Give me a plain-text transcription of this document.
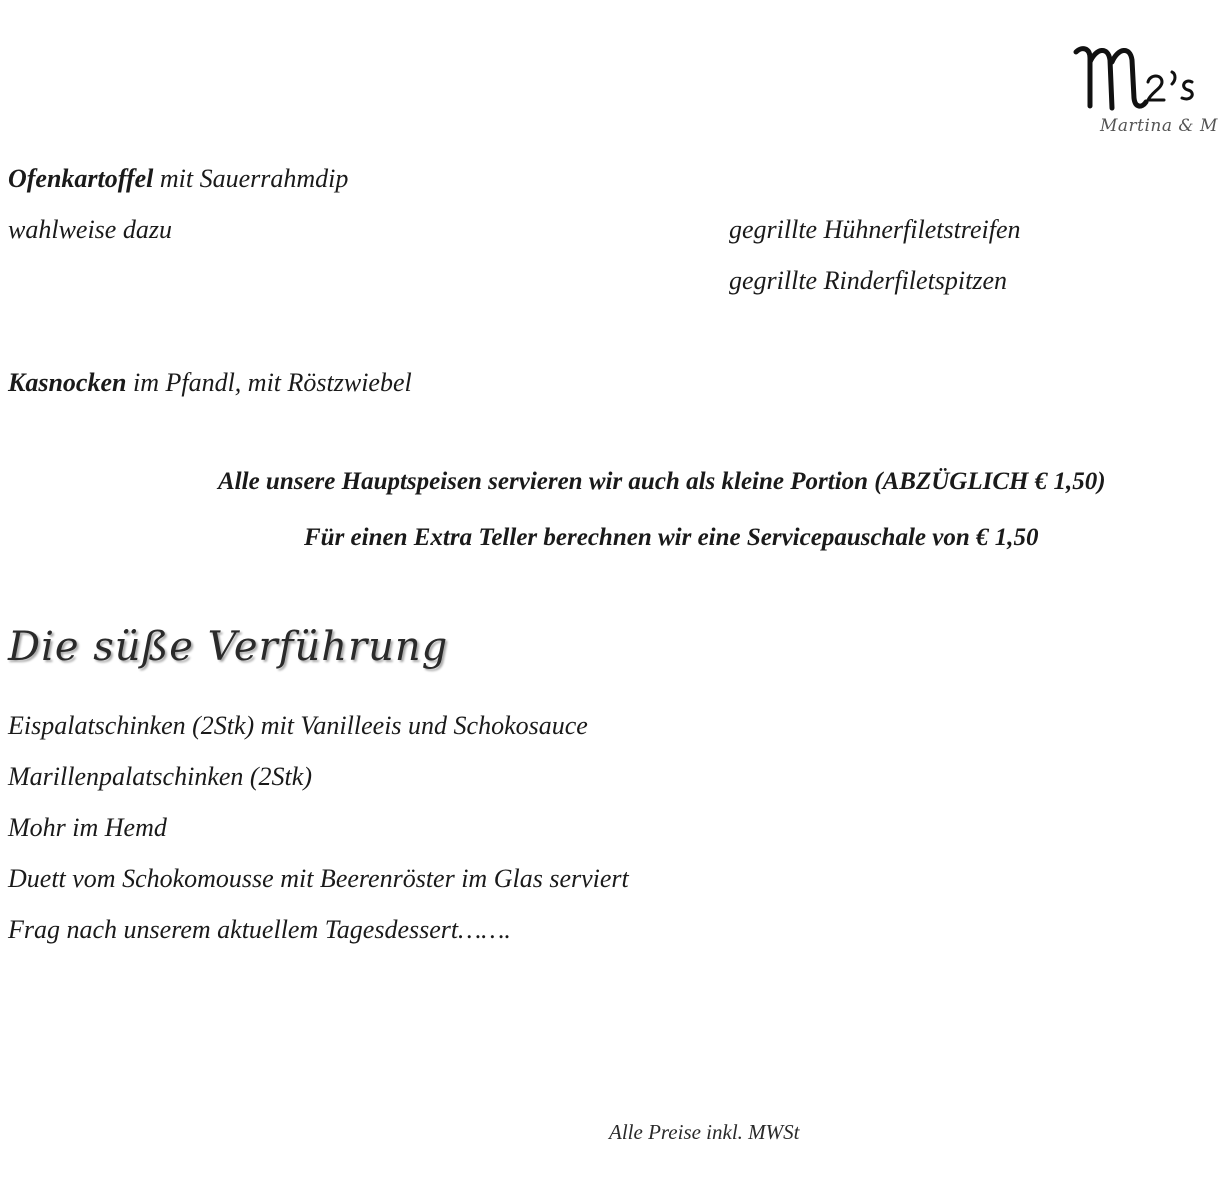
Martina & M
Ofenkartoffel mit Sauerrahmdip
wahlweise dazu	gegrillte Hühnerfiletstreifen
gegrillte Rinderfiletspitzen
Kasnocken im Pfandl, mit Röstzwiebel
Alle unsere Hauptspeisen servieren wir auch als kleine Portion (ABZÜGLICH € 1,50)
Für einen Extra Teller berechnen wir eine Servicepauschale von € 1,50
Die süße Verführung
Eispalatschinken (2Stk) mit Vanilleeis und Schokosauce
Marillenpalatschinken (2Stk)
Mohr im Hemd
Duett vom Schokomousse mit Beerenröster im Glas serviert
Frag nach unserem aktuellem Tagesdessert…….
Alle Preise inkl. MWSt
